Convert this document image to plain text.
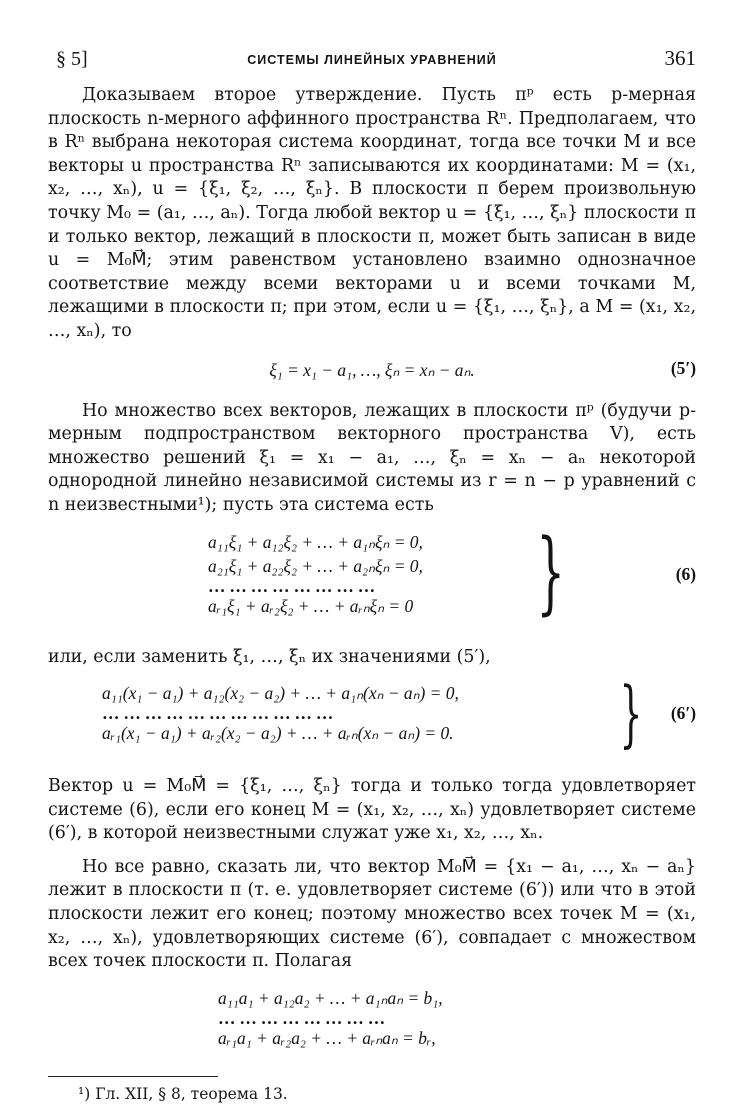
§ 5]	СИСТЕМЫ ЛИНЕЙНЫХ УРАВНЕНИЙ	361

Доказываем второе утверждение. Пусть πᵖ есть p-мерная плоскость n-мерного аффинного пространства Rⁿ. Предполагаем, что в Rⁿ выбрана некоторая система координат, тогда все точки M и все векторы u пространства Rⁿ записываются их координатами: M = (x₁, x₂, …, xₙ), u = {ξ₁, ξ₂, …, ξₙ}. В плоскости π берем произвольную точку M₀ = (a₁, …, aₙ). Тогда любой вектор u = {ξ₁, …, ξₙ} плоскости π и только вектор, лежащий в плоскости π, может быть записан в виде u = M₀M⃗; этим равенством установлено взаимно однозначное соответствие между всеми векторами u и всеми точками M, лежащими в плоскости π; при этом, если u = {ξ₁, …, ξₙ}, а M = (x₁, x₂, …, xₙ), то

ξ₁ = x₁ − a₁, …, ξₙ = xₙ − aₙ.	(5′)

Но множество всех векторов, лежащих в плоскости πᵖ (будучи p-мерным подпространством векторного пространства V), есть множество решений ξ₁ = x₁ − a₁, …, ξₙ = xₙ − aₙ некоторой однородной линейно независимой системы из r = n − p уравнений с n неизвестными¹); пусть эта система есть

a₁₁ξ₁ + a₁₂ξ₂ + … + a₁ₙξₙ = 0,
a₂₁ξ₁ + a₂₂ξ₂ + … + a₂ₙξₙ = 0,
……………………
aᵣ₁ξ₁ + aᵣ₂ξ₂ + … + aᵣₙξₙ = 0	}	(6)

или, если заменить ξ₁, …, ξₙ их значениями (5′),

a₁₁(x₁ − a₁) + a₁₂(x₂ − a₂) + … + a₁ₙ(xₙ − aₙ) = 0,
……………………………
aᵣ₁(x₁ − a₁) + aᵣ₂(x₂ − a₂) + … + aᵣₙ(xₙ − aₙ) = 0.	} (6′)

Вектор u = M₀M⃗ = {ξ₁, …, ξₙ} тогда и только тогда удовлетворяет системе (6), если его конец M = (x₁, x₂, …, xₙ) удовлетворяет системе (6′), в которой неизвестными служат уже x₁, x₂, …, xₙ.

Но все равно, сказать ли, что вектор M₀M⃗ = {x₁ − a₁, …, xₙ − aₙ} лежит в плоскости π (т. е. удовлетворяет системе (6′)) или что в этой плоскости лежит его конец; поэтому множество всех точек M = (x₁, x₂, …, xₙ), удовлетворяющих системе (6′), совпадает с множеством всех точек плоскости π. Полагая

a₁₁a₁ + a₁₂a₂ + … + a₁ₙaₙ = b₁,
……………………
aᵣ₁a₁ + aᵣ₂a₂ + … + aᵣₙaₙ = bᵣ,
¹) Гл. XII, § 8, теорема 13.
